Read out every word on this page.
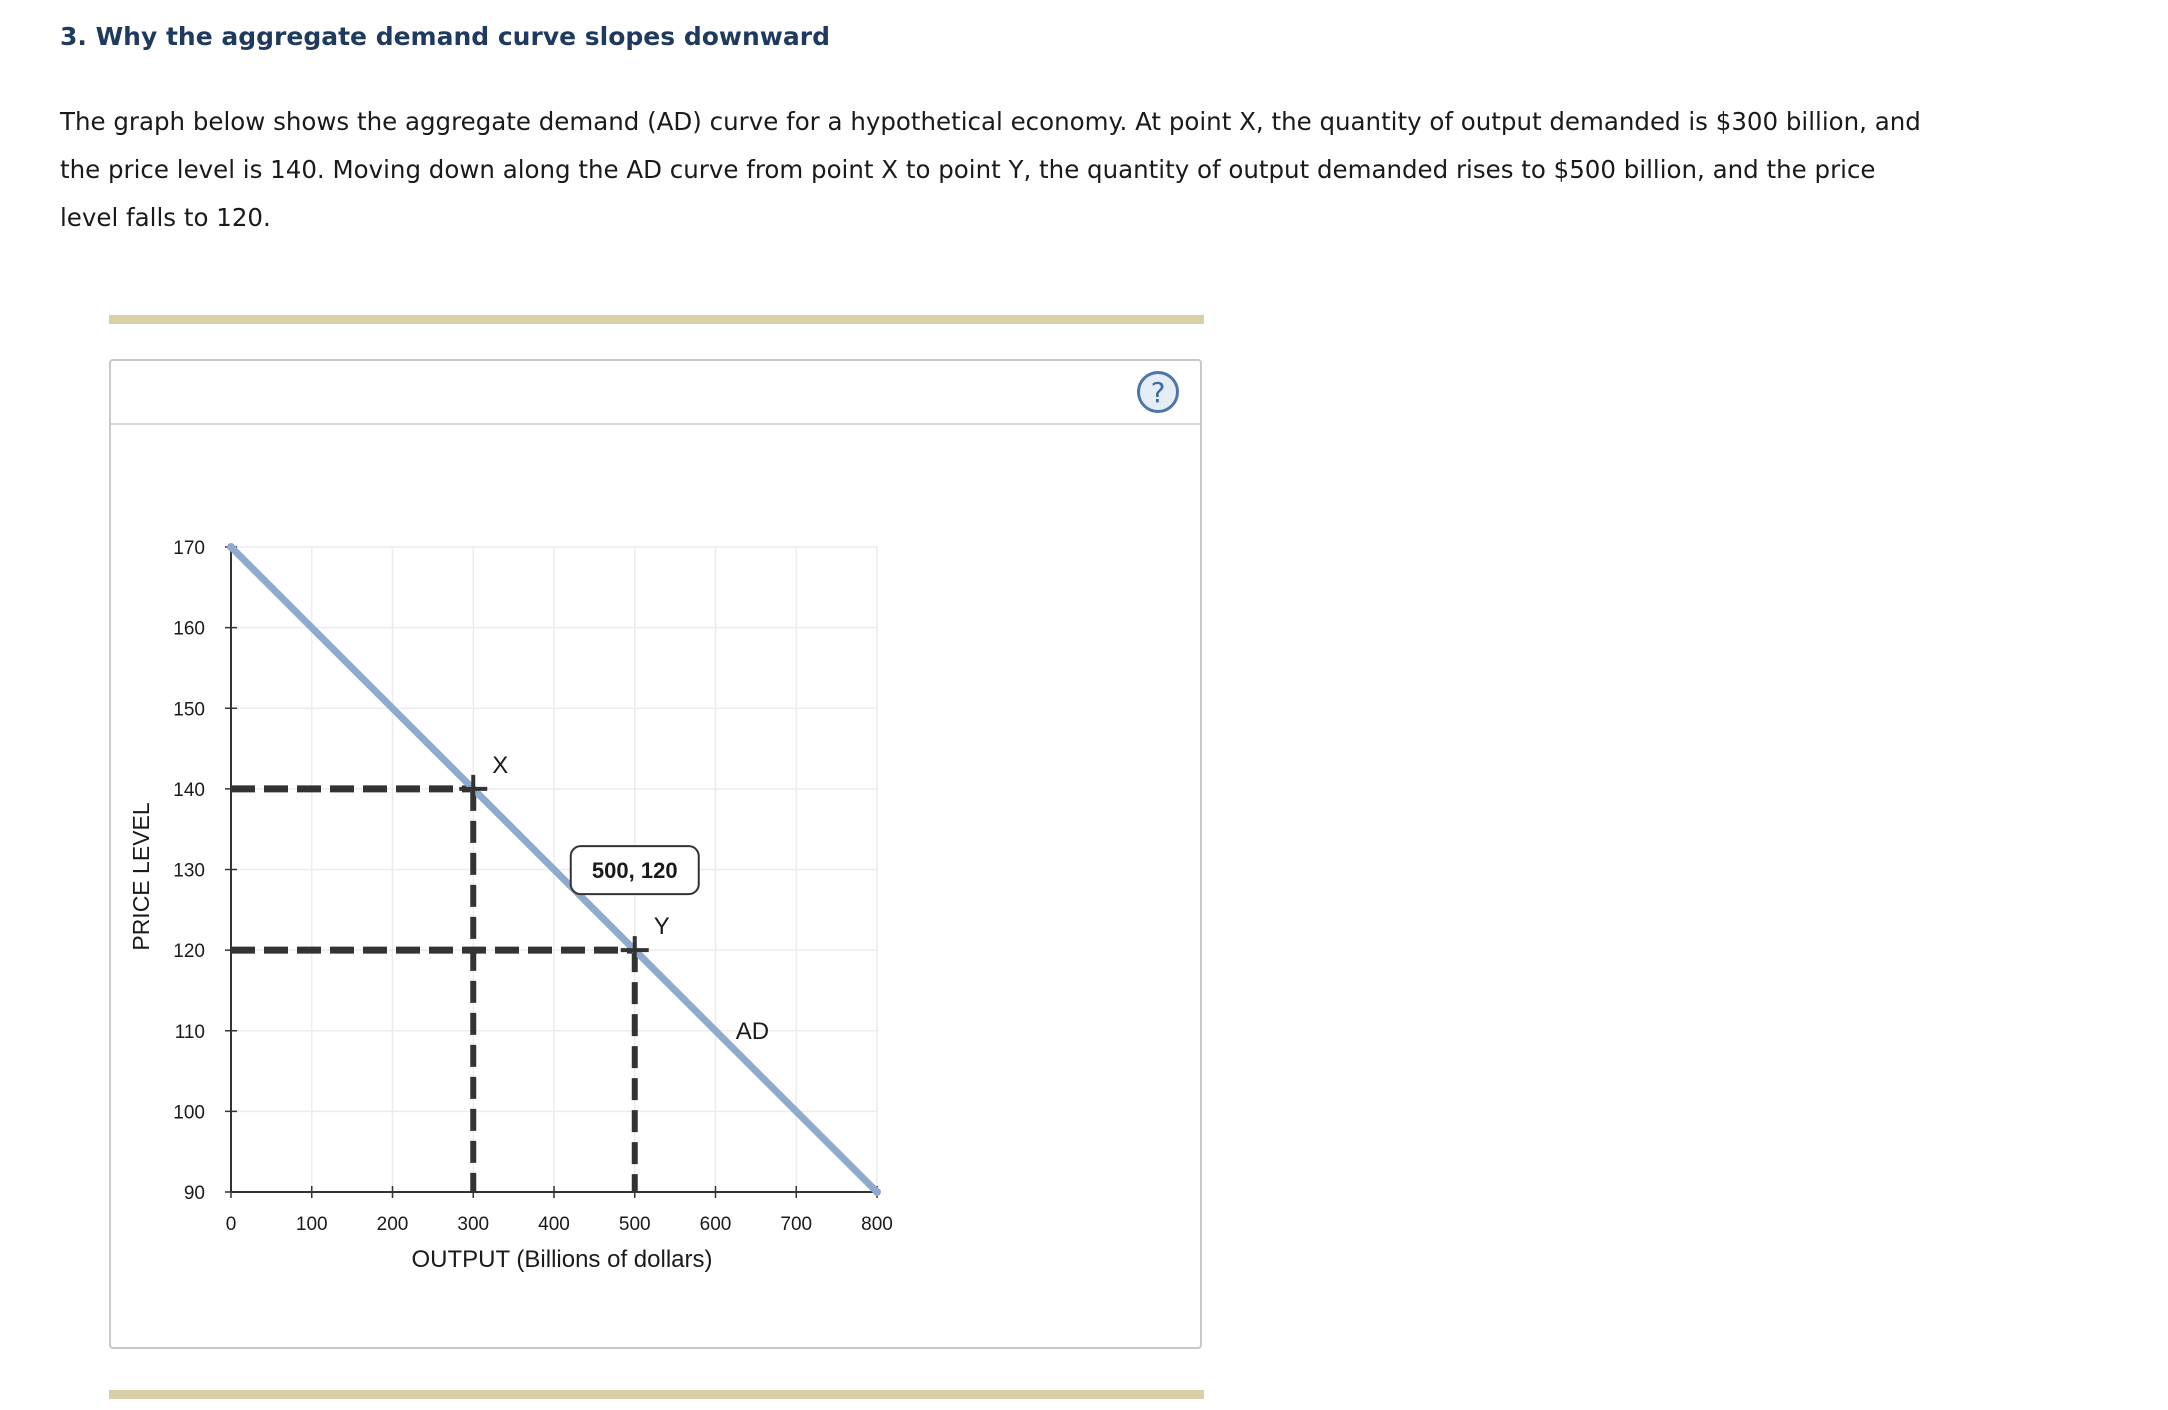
3. Why the aggregate demand curve slopes downward

The graph below shows the aggregate demand (AD) curve for a hypothetical economy. At point X, the quantity of output demanded is $300 billion, and the price level is 140. Moving down along the AD curve from point X to point Y, the quantity of output demanded rises to $500 billion, and the price level falls to 120.

?
90
100
110
120
130
140
150
160
170
0	100	200	300	400	500	600	700	800
OUTPUT (Billions of dollars)
PRICE LEVEL
AD
X
Y
500, 120
